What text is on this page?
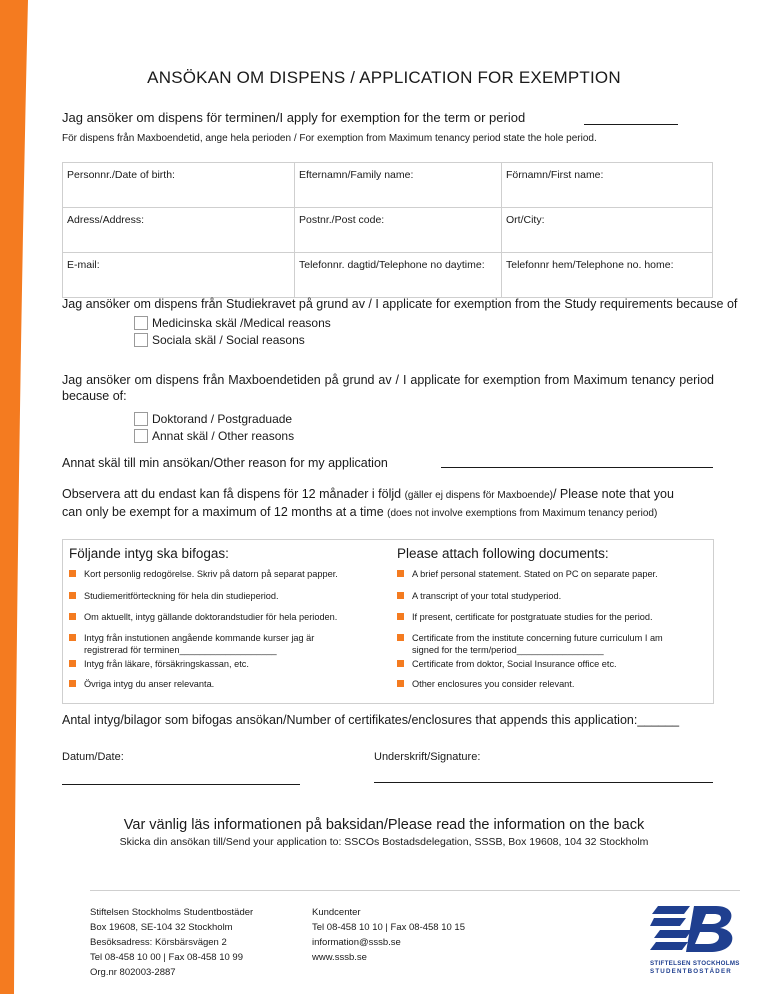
ANSÖKAN OM DISPENS / APPLICATION FOR EXEMPTION
Jag ansöker om dispens för terminen/I apply for exemption for the term or period
För dispens från Maxboendetid, ange hela perioden / For exemption from Maximum tenancy period state the hole period.
Personnr./Date of birth:	Efternamn/Family name:	Förnamn/First name:
Adress/Address:	Postnr./Post code:	Ort/City:
E-mail:	Telefonnr. dagtid/Telephone no daytime:	Telefonnr hem/Telephone no. home:
Jag ansöker om dispens från Studiekravet på grund av / I applicate for exemption from the Study requirements because of
Medicinska skäl /Medical reasons
Sociala skäl / Social reasons
Jag ansöker om dispens från Maxboendetiden på grund av / I applicate for exemption from Maximum tenancy period because of:
Doktorand / Postgraduade
Annat skäl / Other reasons
Annat skäl till min ansökan/Other reason for my application
Observera att du endast kan få dispens för 12 månader i följd (gäller ej dispens för Maxboende)/ Please note that you
can only be exempt for a maximum of 12 months at a time (does not involve exemptions from Maximum tenancy period)
Följande intyg ska bifogas:	Please attach following documents:
Kort personlig redogörelse. Skriv på datorn på separat papper.
Studiemeritförteckning för hela din studieperiod.
Om aktuellt, intyg gällande doktorandstudier för hela perioden.
Intyg från instutionen angående kommande kurser jag är
registrerad för terminen___________________
Intyg från läkare, försäkringskassan, etc.
Övriga intyg du anser relevanta.
A brief personal statement. Stated on PC on separate paper.
A transcript of your total studyperiod.
If present, certificate for postgratuate studies for the period.
Certificate from the institute concerning future curriculum I am
signed for the term/period_________________
Certificate from doktor, Social Insurance office etc.
Other enclosures you consider relevant.
Antal intyg/bilagor som bifogas ansökan/Number of certifikates/enclosures that appends this application:______
Datum/Date:	Underskrift/Signature:
Var vänlig läs informationen på baksidan/Please read the information on the back
Skicka din ansökan till/Send your application to: SSCOs Bostadsdelegation, SSSB, Box 19608, 104 32 Stockholm
Stiftelsen Stockholms Studentbostäder
Box 19608, SE-104 32 Stockholm
Besöksadress: Körsbärsvägen 2
Tel 08-458 10 00 | Fax 08-458 10 99
Org.nr 802003-2887
Kundcenter
Tel 08-458 10 10 | Fax 08-458 10 15
information@sssb.se
www.sssb.se
STIFTELSEN STOCKHOLMS
STUDENTBOSTÄDER
